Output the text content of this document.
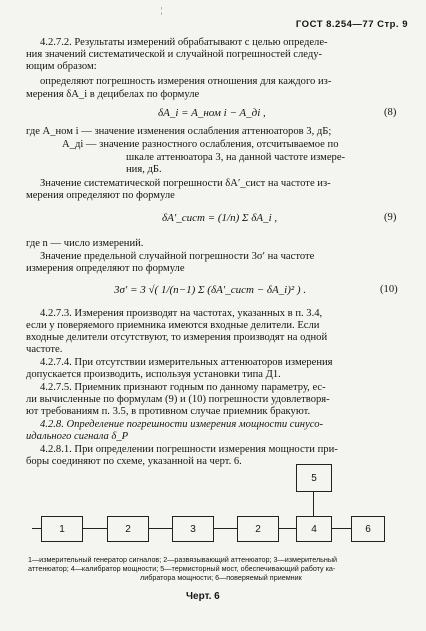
¦
ГОСТ 8.254—77 Стр. 9
4.2.7.2. Результаты измерений обрабатывают с целью определе-
ния значений систематической и случайной погрешностей следу-
ющим образом:
определяют погрешность измерения отношения для каждого из-
мерения δA_i в децибелах по формуле
δA_i = A_ном i − A_дi ,	(8)
где A_ном i — значение изменения ослабления аттенюаторов 3, дБ;
A_дi — значение разностного ослабления, отсчитываемое по
шкале аттенюатора 3, на данной частоте измере-
ния, дБ.
Значение систематической погрешности δA′_сист на частоте из-
мерения определяют по формуле
δA′_сист = (1/n) Σ δA_i ,	(9)
где n — число измерений.
Значение предельной случайной погрешности 3σ′ на частоте
измерения определяют по формуле
3σ′ = 3 √( 1/(n−1) Σ (δA′_сист − δA_i)² ) .	(10)
4.2.7.3. Измерения производят на частотах, указанных в п. 3.4,
если у поверяемого приемника имеются входные делители. Если
входные делители отсутствуют, то измерения производят на одной
частоте.
4.2.7.4. При отсутствии измерительных аттенюаторов измерения
допускается производить, используя установки типа Д1.
4.2.7.5. Приемник признают годным по данному параметру, ес-
ли вычисленные по формулам (9) и (10) погрешности удовлетворя-
ют требованиям п. 3.5, в противном случае приемник бракуют.
4.2.8. Определение погрешности измерения мощности синусо-
идального сигнала δ_P
4.2.8.1. При определении погрешности измерения мощности при-
боры соединяют по схеме, указанной на черт. 6.
1	2	3	2	4	6
5
1—измерительный генератор сигналов; 2—развязывающий аттенюатор; 3—измерительный
аттенюатор; 4—калибратор мощности; 5—термисторный мост, обеспечивающий работу ка-
либратора мощности; 6—поверяемый приемник
Черт. 6
